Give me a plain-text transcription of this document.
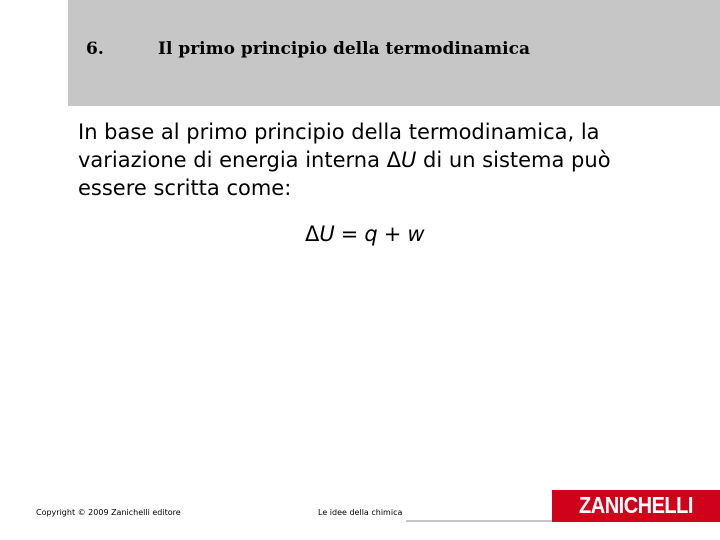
6.	Il primo principio della termodinamica
In base al primo principio della termodinamica, la
variazione di energia interna ΔU di un sistema può
essere scritta come:
ΔU = q + w
Copyright © 2009 Zanichelli editore	Le idee della chimica	ZANICHELLI
